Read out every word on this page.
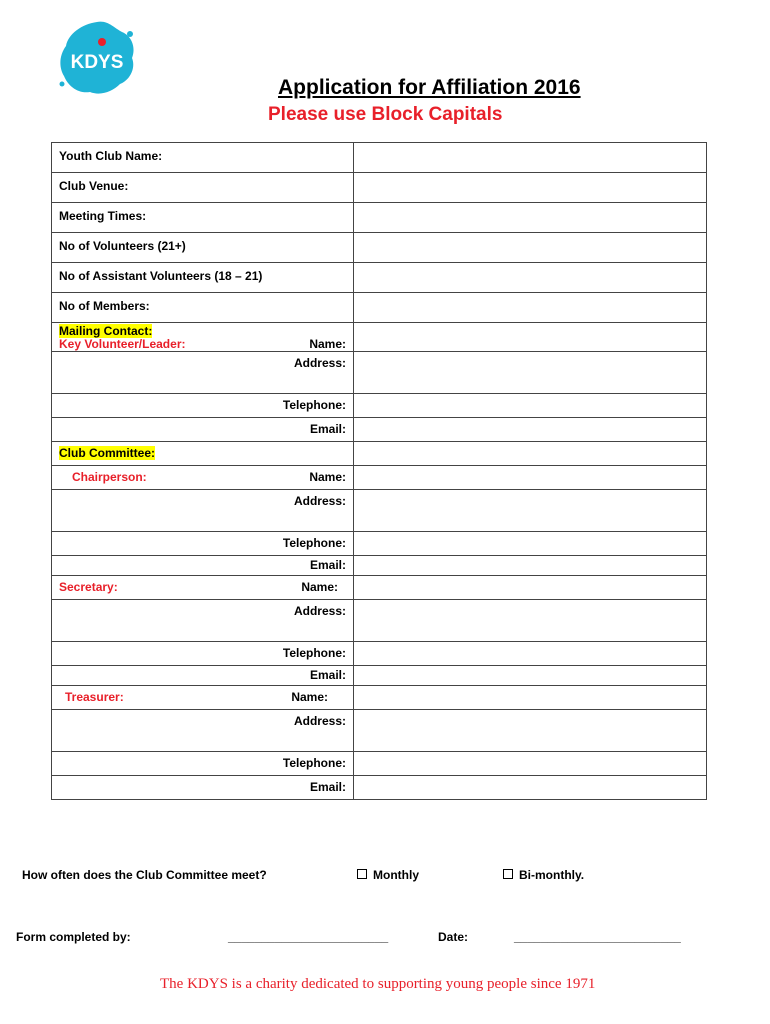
KDYS
Application for Affiliation 2016
Please use Block Capitals
Youth Club Name:	
Club Venue:	
Meeting Times:	
No of Volunteers (21+)	
No of Assistant Volunteers (18 – 21)	
No of Members:	
Mailing Contact:
Key Volunteer/Leader: Name:	

Address:	

Telephone:	

Email:	

Club Committee:	
Chairperson: Name:	

Address:	

Telephone:	

Email:	

Secretary: Name:	

Address:	

Telephone:	

Email:	

Treasurer: Name:	

Address:	

Telephone:	

Email:	

How often does the Club Committee meet?	Monthly	Bi-monthly.
Form completed by:	________________________	Date:	_________________________
The KDYS is a charity dedicated to supporting young people since 1971
